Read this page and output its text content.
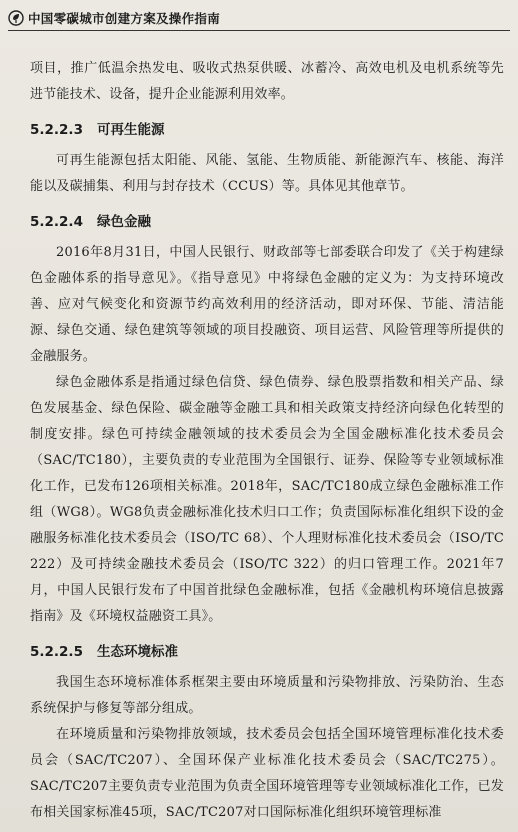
中国零碳城市创建方案及操作指南

项目，推广低温余热发电、吸收式热泵供暖、冰蓄冷、高效电机及电机系统等先进节能技术、设备，提升企业能源利用效率。

5.2.2.3 可再生能源

可再生能源包括太阳能、风能、氢能、生物质能、新能源汽车、核能、海洋能以及碳捕集、利用与封存技术（CCUS）等。具体见其他章节。

5.2.2.4 绿色金融

2016年8月31日，中国人民银行、财政部等七部委联合印发了《关于构建绿色金融体系的指导意见》。《指导意见》中将绿色金融的定义为：为支持环境改善、应对气候变化和资源节约高效利用的经济活动，即对环保、节能、清洁能源、绿色交通、绿色建筑等领域的项目投融资、项目运营、风险管理等所提供的金融服务。

绿色金融体系是指通过绿色信贷、绿色债券、绿色股票指数和相关产品、绿色发展基金、绿色保险、碳金融等金融工具和相关政策支持经济向绿色化转型的制度安排。绿色可持续金融领域的技术委员会为全国金融标准化技术委员会（SAC/TC180），主要负责的专业范围为全国银行、证券、保险等专业领域标准化工作，已发布126项相关标准。2018年，SAC/TC180成立绿色金融标准工作组（WG8）。WG8负责金融标准化技术归口工作；负责国际标准化组织下设的金融服务标准化技术委员会（ISO/TC 68）、个人理财标准化技术委员会（ISO/TC 222）及可持续金融技术委员会（ISO/TC 322）的归口管理工作。2021年7月，中国人民银行发布了中国首批绿色金融标准，包括《金融机构环境信息披露指南》及《环境权益融资工具》。

5.2.2.5 生态环境标准

我国生态环境标准体系框架主要由环境质量和污染物排放、污染防治、生态系统保护与修复等部分组成。

在环境质量和污染物排放领域，技术委员会包括全国环境管理标准化技术委员会（SAC/TC207）、全国环保产业标准化技术委员会（SAC/TC275）。SAC/TC207主要负责专业范围为负责全国环境管理等专业领域标准化工作，已发布相关国家标准45项，SAC/TC207对口国际标准化组织环境管理标准
